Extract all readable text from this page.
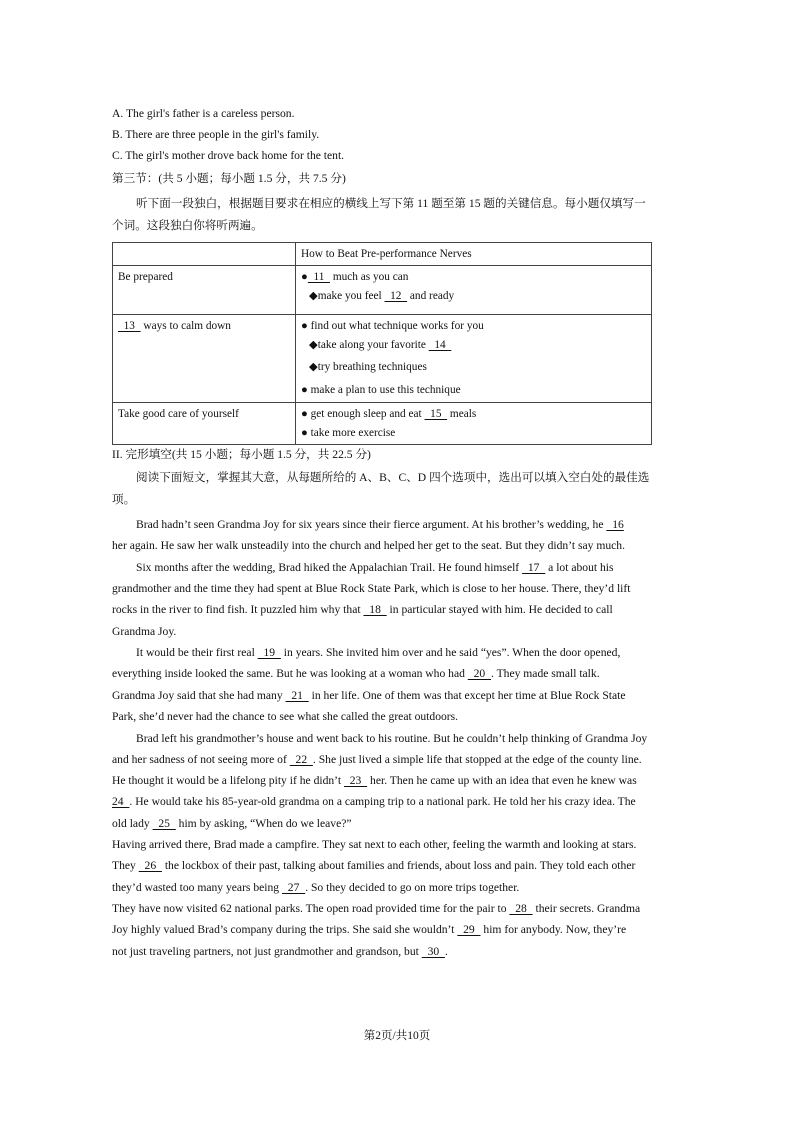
A. The girl's father is a careless person.
B. There are three people in the girl's family.
C. The girl's mother drove back home for the tent.
第三节：(共 5 小题；每小题 1.5 分，共 7.5 分)
听下面一段独白，根据题目要求在相应的横线上写下第 11 题至第 15 题的关键信息。每小题仅填写一
个词。这段独白你将听两遍。
	How to Beat Pre-performance Nerves
Be prepared	●  11   much as you can
◆make you feel   12   and ready

13   ways to calm down	● find out what technique works for you
◆take along your favorite   14
◆try breathing techniques
● make a plan to use this technique

Take good care of yourself	● get enough sleep and eat   15   meals
● take more exercise
II. 完形填空(共 15 小题；每小题 1.5 分，共 22.5 分)
阅读下面短文，掌握其大意，从每题所给的 A、B、C、D 四个选项中，选出可以填入空白处的最佳选
项。
Brad hadn’t seen Grandma Joy for six years since their fierce argument. At his brother’s wedding, he   16
her again. He saw her walk unsteadily into the church and helped her get to the seat. But they didn’t say much.
Six months after the wedding, Brad hiked the Appalachian Trail. He found himself   17   a lot about his
grandmother and the time they had spent at Blue Rock State Park, which is close to her house. There, they’d lift
rocks in the river to find fish. It puzzled him why that   18   in particular stayed with him. He decided to call
Grandma Joy.
It would be their first real   19   in years. She invited him over and he said “yes”. When the door opened,
everything inside looked the same. But he was looking at a woman who had   20  . They made small talk.
Grandma Joy said that she had many   21   in her life. One of them was that except her time at Blue Rock State
Park, she’d never had the chance to see what she called the great outdoors.
Brad left his grandmother’s house and went back to his routine. But he couldn’t help thinking of Grandma Joy
and her sadness of not seeing more of   22  . She just lived a simple life that stopped at the edge of the county line.
He thought it would be a lifelong pity if he didn’t   23   her. Then he came up with an idea that even he knew was
24  . He would take his 85-year-old grandma on a camping trip to a national park. He told her his crazy idea. The
old lady   25   him by asking, “When do we leave?”
Having arrived there, Brad made a campfire. They sat next to each other, feeling the warmth and looking at stars.
They   26   the lockbox of their past, talking about families and friends, about loss and pain. They told each other
they’d wasted too many years being   27  . So they decided to go on more trips together.
They have now visited 62 national parks. The open road provided time for the pair to   28   their secrets. Grandma
Joy highly valued Brad’s company during the trips. She said she wouldn’t   29   him for anybody. Now, they’re
not just traveling partners, not just grandmother and grandson, but   30  .
第2页/共10页
